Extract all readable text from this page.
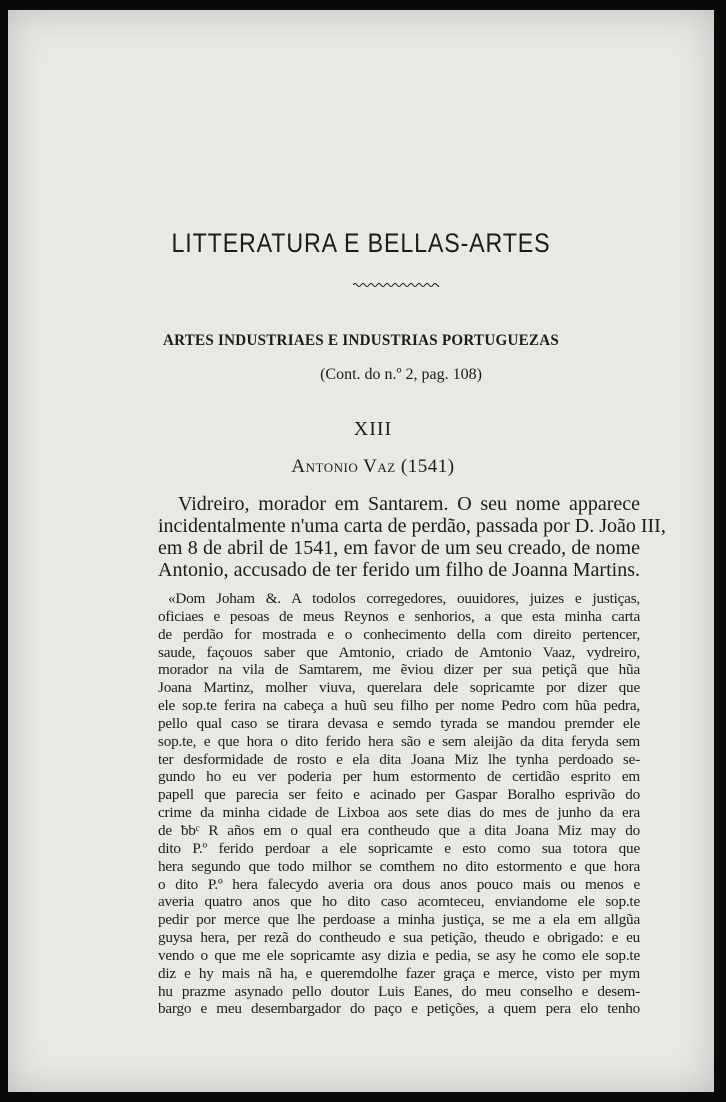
LITTERATURA E BELLAS-ARTES
ARTES INDUSTRIAES E INDUSTRIAS PORTUGUEZAS
(Cont. do n.º 2, pag. 108)
XIII
Antonio Vaz (1541)
Vidreiro, morador em Santarem. O seu nome apparece
incidentalmente n'uma carta de perdão, passada por D. João III,
em 8 de abril de 1541, em favor de um seu creado, de nome
Antonio, accusado de ter ferido um filho de Joanna Martins.
«Dom Joham &. A todolos corregedores, ouuidores, juizes e justiças,
oficiaes e pesoas de meus Reynos e senhorios, a que esta minha carta
de perdão for mostrada e o conhecimento della com direito pertencer,
saude, façouos saber que Amtonio, criado de Amtonio Vaaz, vydreiro,
morador na vila de Samtarem, me ẽviou dizer per sua petiçã que hũa
Joana Martinz, molher viuva, querelara dele sopricamte por dizer que
ele sop.te ferira na cabeça a huũ seu filho per nome Pedro com hũa pedra,
pello qual caso se tirara devasa e semdo tyrada se mandou premder ele
sop.te, e que hora o dito ferido hera são e sem aleijão da dita feryda sem
ter desformidade de rosto e ela dita Joana Miz lhe tynha perdoado se-
gundo ho eu ver poderia per hum estormento de certidão esprito em
papell que parecia ser feito e acinado per Gaspar Boralho esprivão do
crime da minha cidade de Lixboa aos sete dias do mes de junho da era
de ƀbᶜ R años em o qual era contheudo que a dita Joana Miz may do
dito P.º ferido perdoar a ele sopricamte e esto como sua totora que
hera segundo que todo milhor se comthem no dito estormento e que hora
o dito P.º hera falecydo averia ora dous anos pouco mais ou menos e
averia quatro anos que ho dito caso acomteceu, enviandome ele sop.te
pedir por merce que lhe perdoase a minha justiça, se me a ela em allgũa
guysa hera, per rezã do contheudo e sua petição, theudo e obrigado: e eu
vendo o que me ele sopricamte asy dizia e pedia, se asy he como ele sop.te
diz e hy mais nã ha, e queremdolhe fazer graça e merce, visto per mym
hu prazme asynado pello doutor Luis Eanes, do meu conselho e desem-
bargo e meu desembargador do paço e petições, a quem pera elo tenho
